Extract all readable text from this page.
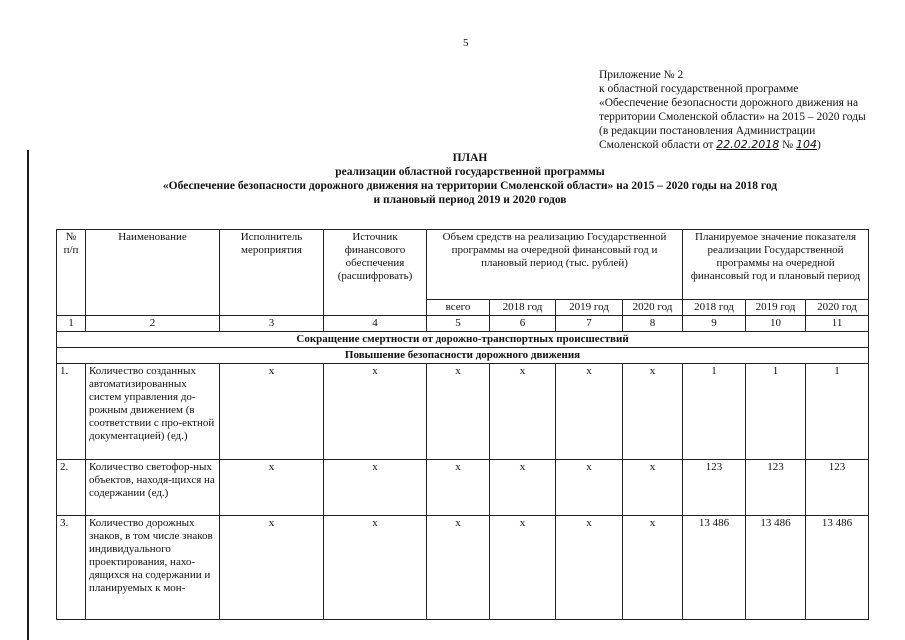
5
Приложение № 2
к областной государственной программе
«Обеспечение безопасности дорожного движения на
территории Смоленской области» на 2015 – 2020 годы
(в редакции постановления Администрации
Смоленской области от 22.02.2018 № 104)
ПЛАН
реализации областной государственной программы
«Обеспечение безопасности дорожного движения на территории Смоленской области» на 2015 – 2020 годы на 2018 год
и плановый период 2019 и 2020 годов
№ п/п	Наименование	Исполнитель мероприятия	Источник финансового обеспечения (расшифровать)	Объем средств на реализацию Государственной программы на очередной финансовый год и плановый период (тыс. рублей)				Планируемое значение показателя реализации Государственной программы на очередной финансовый год и плановый период		
				всего	2018 год	2019 год	2020 год	2018 год	2019 год	2020 год
1	2	3	4	5	6	7	8	9	10	11
Сокращение смертности от дорожно-транспортных происшествий										
Повышение безопасности дорожного движения										
1.	Количество созданных автоматизированных систем управления до-рожным движением (в соответствии с про-ектной документацией) (ед.)	х	х	х	х	х	х	1	1	1
2.	Количество светофор-ных объектов, находя-щихся на содержании (ед.)	х	х	х	х	х	х	123	123	123
3.	Количество дорожных знаков, в том числе знаков индивидуального проектирования, нахо-дящихся на содержании и планируемых к мон-	х	х	х	х	х	х	13 486	13 486	13 486
